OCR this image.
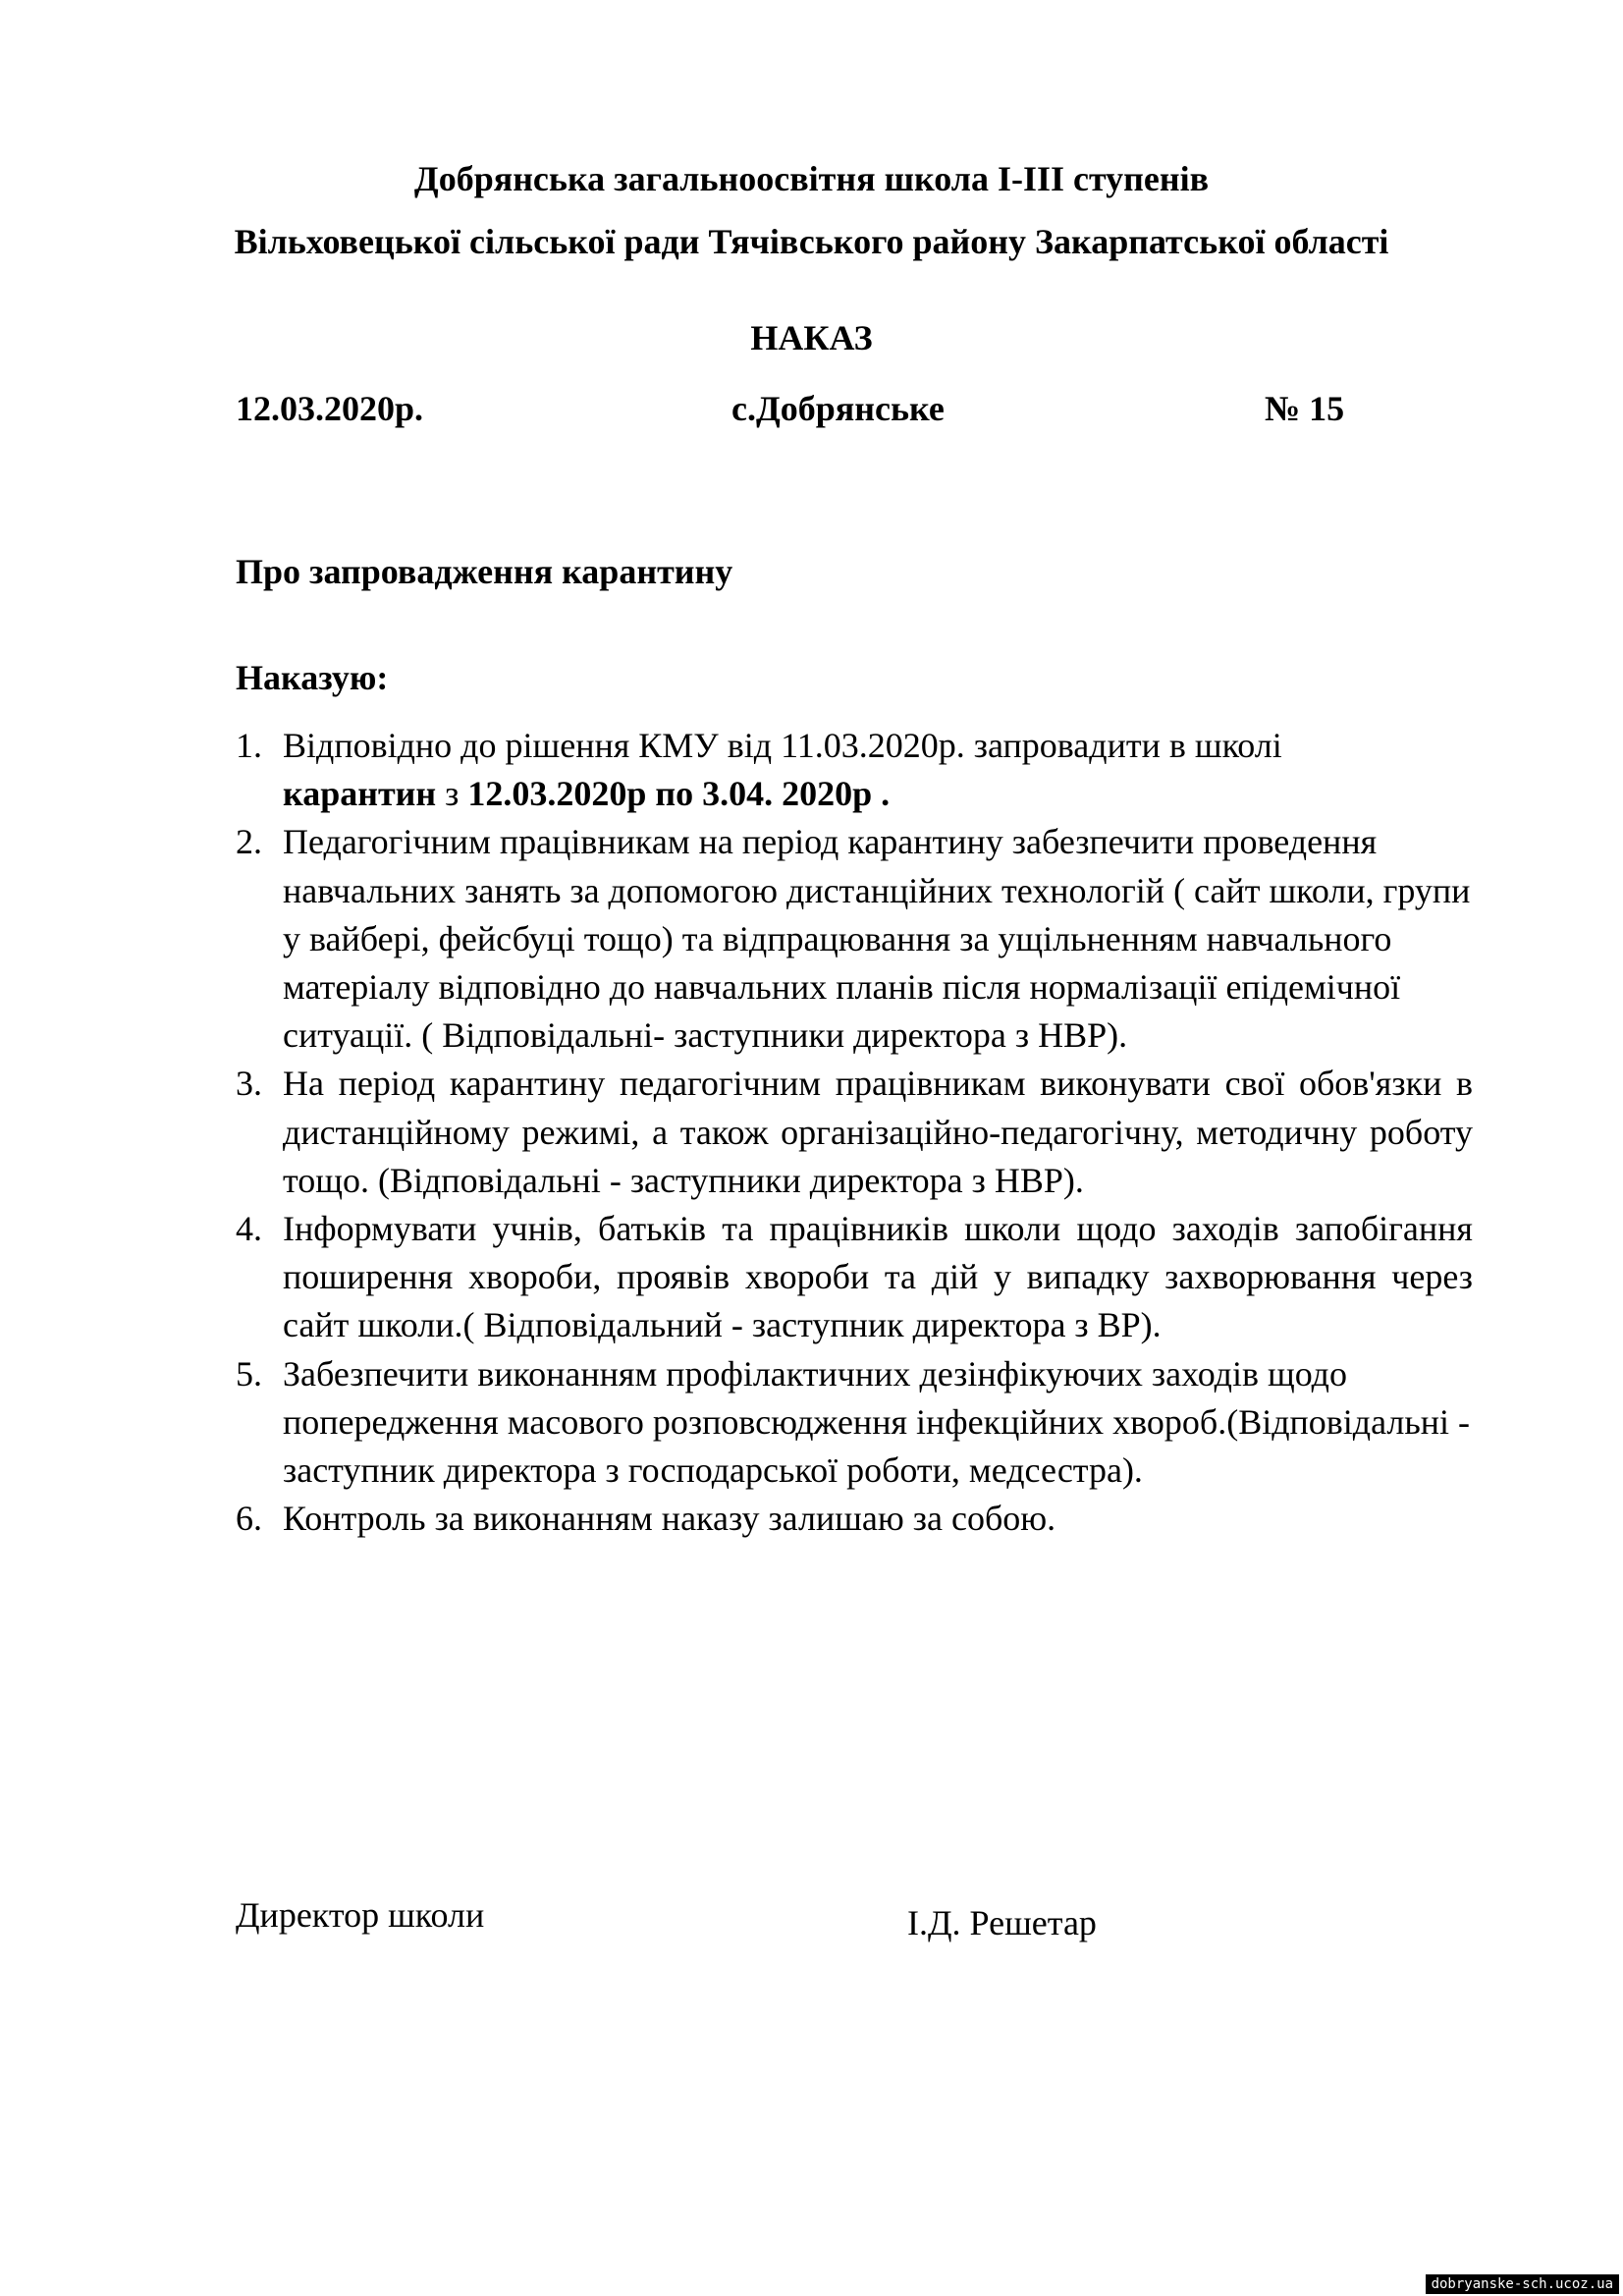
Добрянська загальноосвітня школа І-ІІІ ступенів
Вільховецької сільської ради Тячівського району Закарпатської області
НАКАЗ
12.03.2020р.	с.Добрянське	№ 15
Про запровадження карантину
Наказую:
1. Відповідно до рішення КМУ від 11.03.2020р. запровадити в школі
карантин з 12.03.2020р по 3.04. 2020р .
2. Педагогічним працівникам на період карантину забезпечити проведення навчальних занять за допомогою дистанційних технологій ( сайт школи, групи у вайбері, фейсбуці тощо) та відпрацювання за ущільненням навчального матеріалу відповідно до навчальних планів після нормалізації епідемічної ситуації. ( Відповідальні- заступники директора з НВР).
3. На період карантину педагогічним працівникам виконувати свої обов'язки в дистанційному режимі, а також організаційно-педагогічну, методичну роботу тощо. (Відповідальні - заступники директора з НВР).
4. Інформувати учнів, батьків та працівників школи щодо заходів запобігання поширення хвороби, проявів хвороби та дій у випадку захворювання через сайт школи.( Відповідальний - заступник директора з ВР).
5. Забезпечити виконанням профілактичних дезінфікуючих заходів щодо попередження масового розповсюдження інфекційних хвороб.(Відповідальні - заступник директора з господарської роботи, медсестра).
6. Контроль за виконанням наказу залишаю за собою.
Директор школи	І.Д. Решетар
dobryanske-sch.ucoz.ua
